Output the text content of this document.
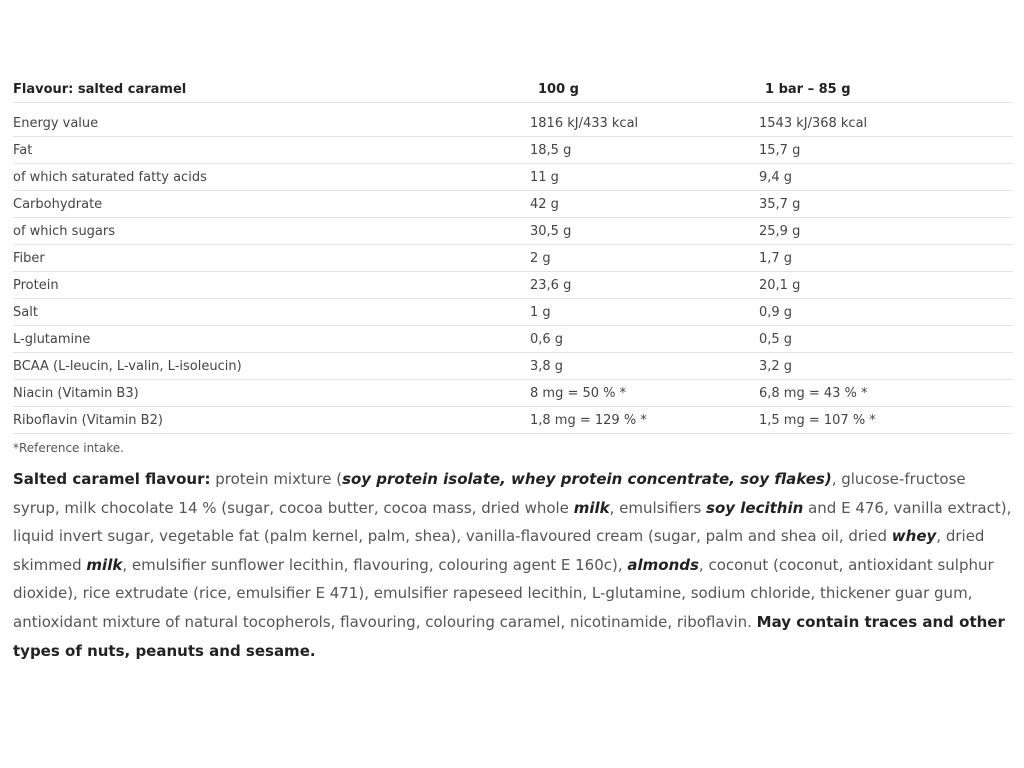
Flavour: salted caramel	100 g	1 bar – 85 g

Energy value	1816 kJ/433 kcal	1543 kJ/368 kcal
Fat	18,5 g	15,7 g
of which saturated fatty acids	11 g	9,4 g
Carbohydrate	42 g	35,7 g
of which sugars	30,5 g	25,9 g
Fiber	2 g	1,7 g
Protein	23,6 g	20,1 g
Salt	1 g	0,9 g
L-glutamine	0,6 g	0,5 g
BCAA (L-leucin, L-valin, L-isoleucin)	3,8 g	3,2 g
Niacin (Vitamin B3)	8 mg = 50 % *	6,8 mg = 43 % *
Riboflavin (Vitamin B2)	1,8 mg = 129 % *	1,5 mg = 107 % *
*Reference intake.
Salted caramel flavour: protein mixture (soy protein isolate, whey protein concentrate, soy flakes), glucose-fructose syrup, milk chocolate 14 % (sugar, cocoa butter, cocoa mass, dried whole milk, emulsifiers soy lecithin and E 476, vanilla extract), liquid invert sugar, vegetable fat (palm kernel, palm, shea), vanilla-flavoured cream (sugar, palm and shea oil, dried whey, dried skimmed milk, emulsifier sunflower lecithin, flavouring, colouring agent E 160c), almonds, coconut (coconut, antioxidant sulphur dioxide), rice extrudate (rice, emulsifier E 471), emulsifier rapeseed lecithin, L-glutamine, sodium chloride, thickener guar gum, antioxidant mixture of natural tocopherols, flavouring, colouring caramel, nicotinamide, riboflavin. May contain traces and other types of nuts, peanuts and sesame.
